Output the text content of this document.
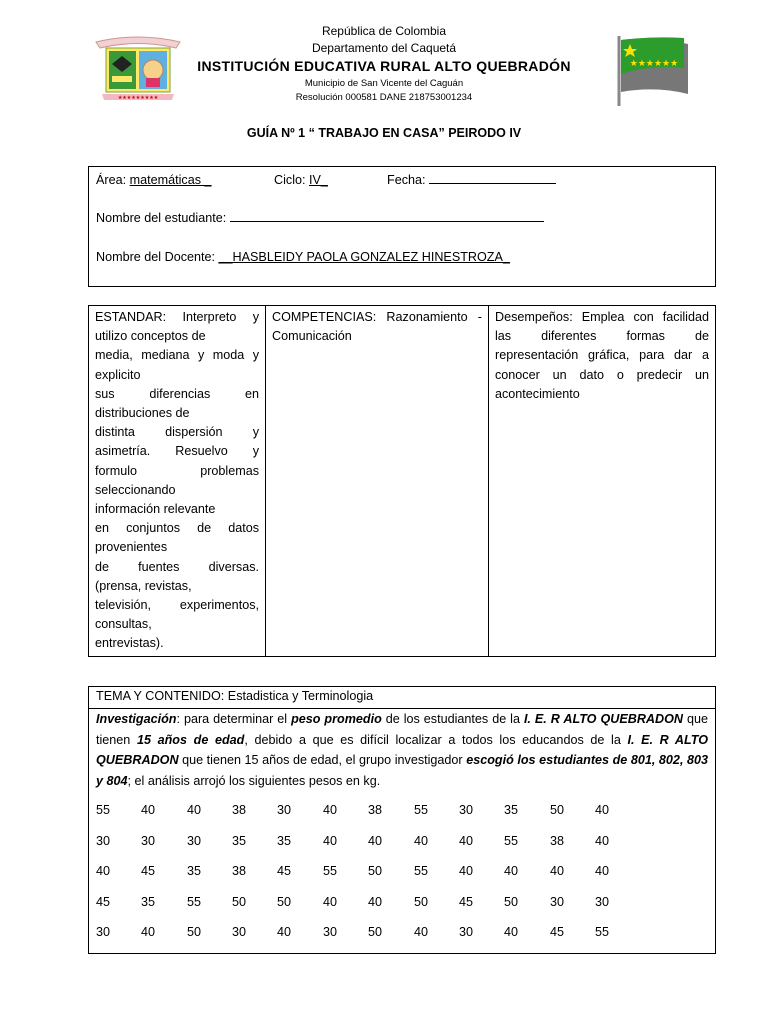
★★★★★★★★★
★★★★★★
República de Colombia
Departamento del Caquetá
INSTITUCIÓN EDUCATIVA RURAL ALTO QUEBRADÓN
Municipio de San Vicente del Caguán
Resolución 000581 DANE 218753001234
GUÍA Nº 1 “ TRABAJO EN CASA” PEIRODO IV
Área: matemáticas _	Ciclo: IV_	Fecha:
Nombre del estudiante:
Nombre del Docente: __HASBLEIDY PAOLA GONZALEZ HINESTROZA_
ESTANDAR: Interpreto y
utilizo conceptos de
media, mediana y moda y
explicito
sus diferencias en
distribuciones de
distinta dispersión y
asimetría. Resuelvo y
formulo problemas
seleccionando
información relevante
en conjuntos de datos
provenientes
de fuentes diversas.
(prensa, revistas,
televisión, experimentos,
consultas,
entrevistas).

COMPETENCIAS: Razonamiento - Comunicación

Desempeños: Emplea con facilidad las diferentes formas de representación gráfica, para dar a conocer un dato o predecir un acontecimiento
TEMA Y CONTENIDO: Estadistica y Terminologia
Investigación: para determinar el peso promedio de los estudiantes de la I. E. R ALTO QUEBRADON que tienen 15 años de edad, debido a que es difícil localizar a todos los educandos de la I. E. R ALTO QUEBRADON que tienen 15 años de edad, el grupo investigador escogió los estudiantes de 801, 802, 803 y 804; el análisis arrojó los siguientes pesos en kg.
55	40	40	38	30	40	38	55	30	35	50	40
30	30	30	35	35	40	40	40	40	55	38	40
40	45	35	38	45	55	50	55	40	40	40	40
45	35	55	50	50	40	40	50	45	50	30	30
30	40	50	30	40	30	50	40	30	40	45	55
